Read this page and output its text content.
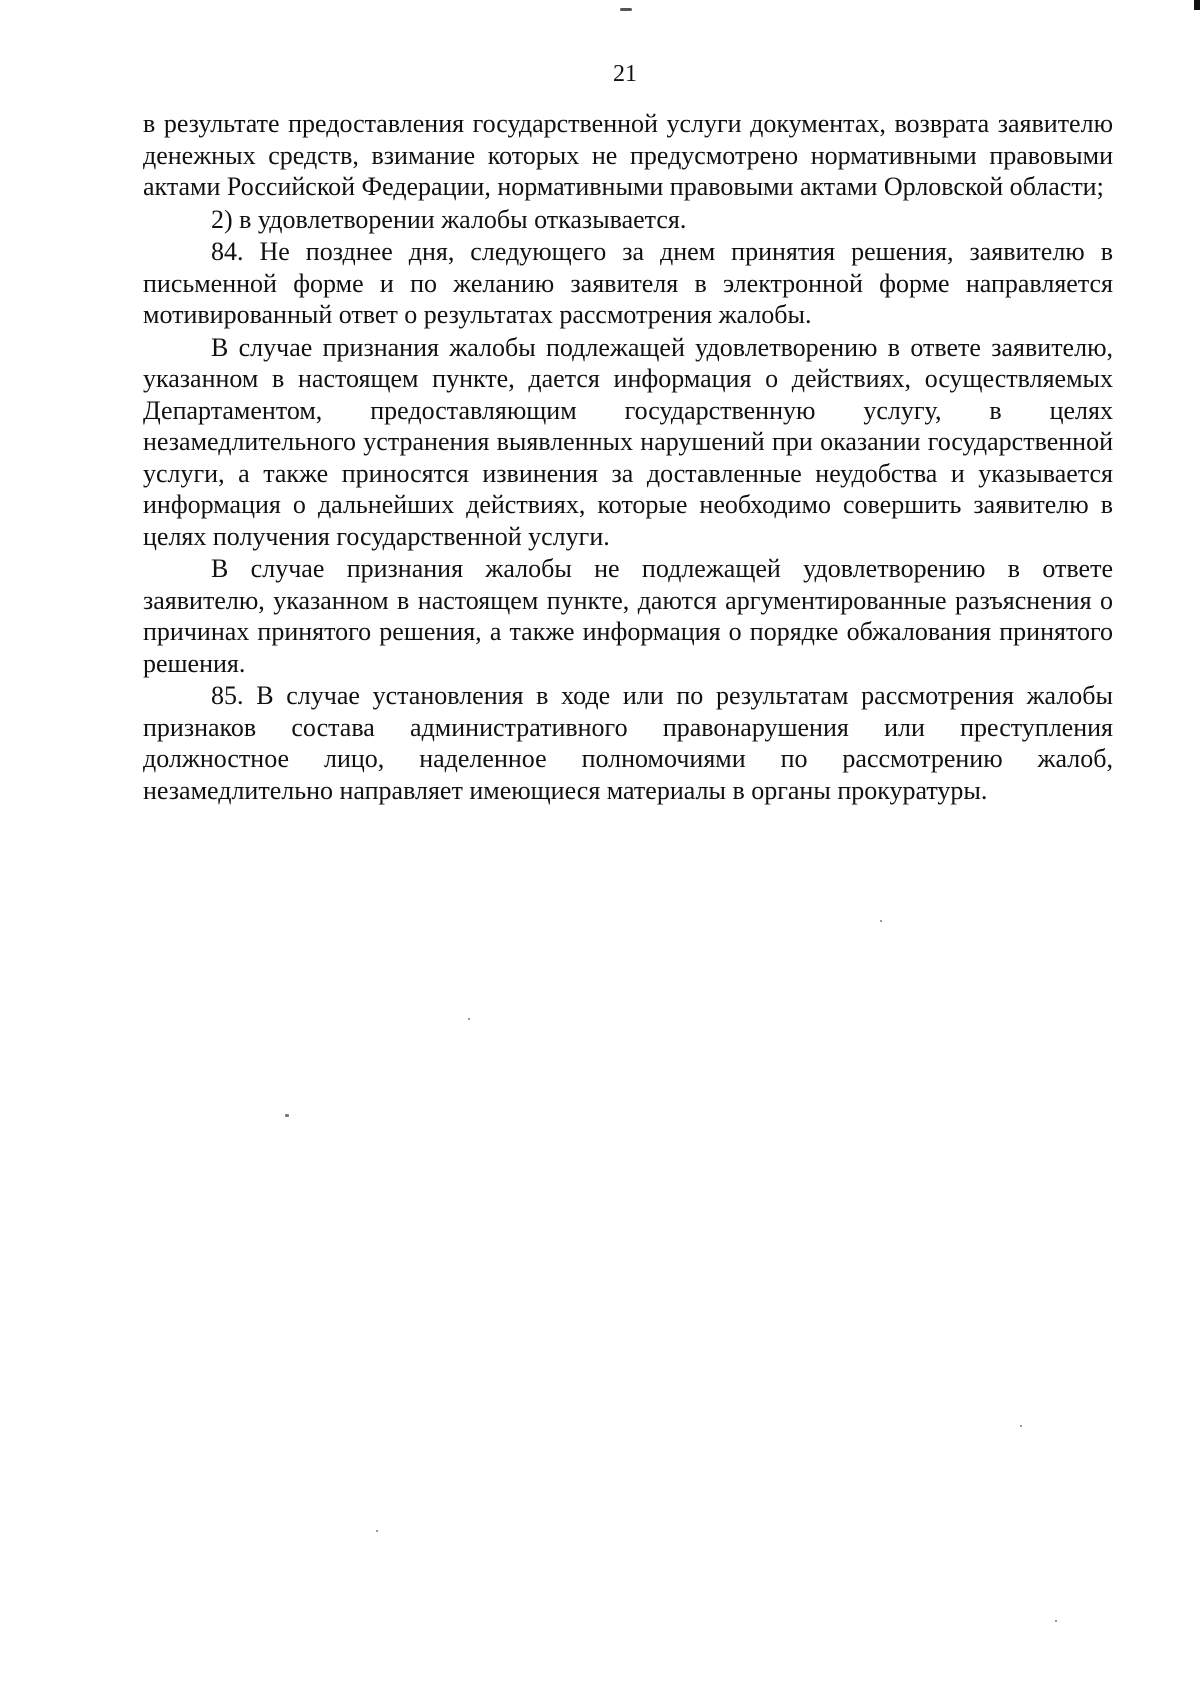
21

в результате предоставления государственной услуги документах, возврата заявителю денежных средств, взимание которых не предусмотрено нормативными правовыми актами Российской Федерации, нормативными правовыми актами Орловской области;

2) в удовлетворении жалобы отказывается.

84. Не позднее дня, следующего за днем принятия решения, заявителю в письменной форме и по желанию заявителя в электронной форме направляется мотивированный ответ о результатах рассмотрения жалобы.

В случае признания жалобы подлежащей удовлетворению в ответе заявителю, указанном в настоящем пункте, дается информация о действиях, осуществляемых Департаментом, предоставляющим государственную услугу, в целях незамедлительного устранения выявленных нарушений при оказании государственной услуги, а также приносятся извинения за доставленные неудобства и указывается информация о дальнейших действиях, которые необходимо совершить заявителю в целях получения государственной услуги.

В случае признания жалобы не подлежащей удовлетворению в ответе заявителю, указанном в настоящем пункте, даются аргументированные разъяснения о причинах принятого решения, а также информация о порядке обжалования принятого решения.

85. В случае установления в ходе или по результатам рассмотрения жалобы признаков состава административного правонарушения или преступления должностное лицо, наделенное полномочиями по рассмотрению жалоб, незамедлительно направляет имеющиеся материалы в органы прокуратуры.
